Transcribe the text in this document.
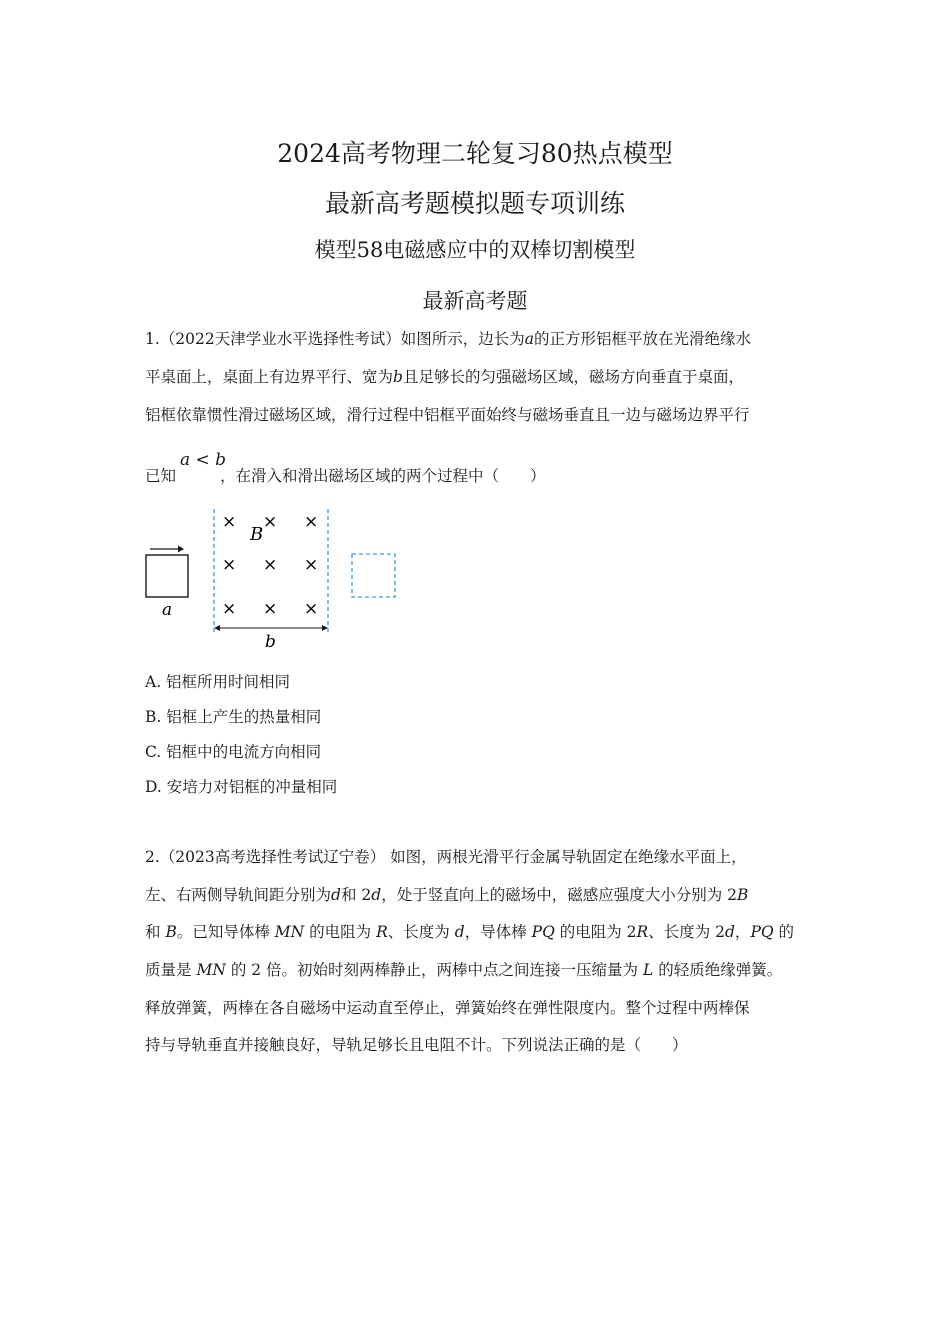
2024高考物理二轮复习80热点模型
最新高考题模拟题专项训练
模型58电磁感应中的双棒切割模型
最新高考题
1.（2022天津学业水平选择性考试）如图所示，边长为a的正方形铝框平放在光滑绝缘水
平桌面上，桌面上有边界平行、宽为b且足够长的匀强磁场区域，磁场方向垂直于桌面，
铝框依靠惯性滑过磁场区域，滑行过程中铝框平面始终与磁场垂直且一边与磁场边界平行
已知	，在滑入和滑出磁场区域的两个过程中（　　）
a < b
a
× × ×
× × ×
× × ×
B
b
A. 铝框所用时间相同
B. 铝框上产生的热量相同
C. 铝框中的电流方向相同
D. 安培力对铝框的冲量相同
2.（2023高考选择性考试辽宁卷） 如图，两根光滑平行金属导轨固定在绝缘水平面上，
左、右两侧导轨间距分别为d和 2d，处于竖直向上的磁场中，磁感应强度大小分别为 2B
和 B。已知导体棒 MN 的电阻为 R、长度为 d，导体棒 PQ 的电阻为 2R、长度为 2d，PQ 的
质量是 MN 的 2 倍。初始时刻两棒静止，两棒中点之间连接一压缩量为 L 的轻质绝缘弹簧。
释放弹簧，两棒在各自磁场中运动直至停止，弹簧始终在弹性限度内。整个过程中两棒保
持与导轨垂直并接触良好，导轨足够长且电阻不计。下列说法正确的是（　　）
